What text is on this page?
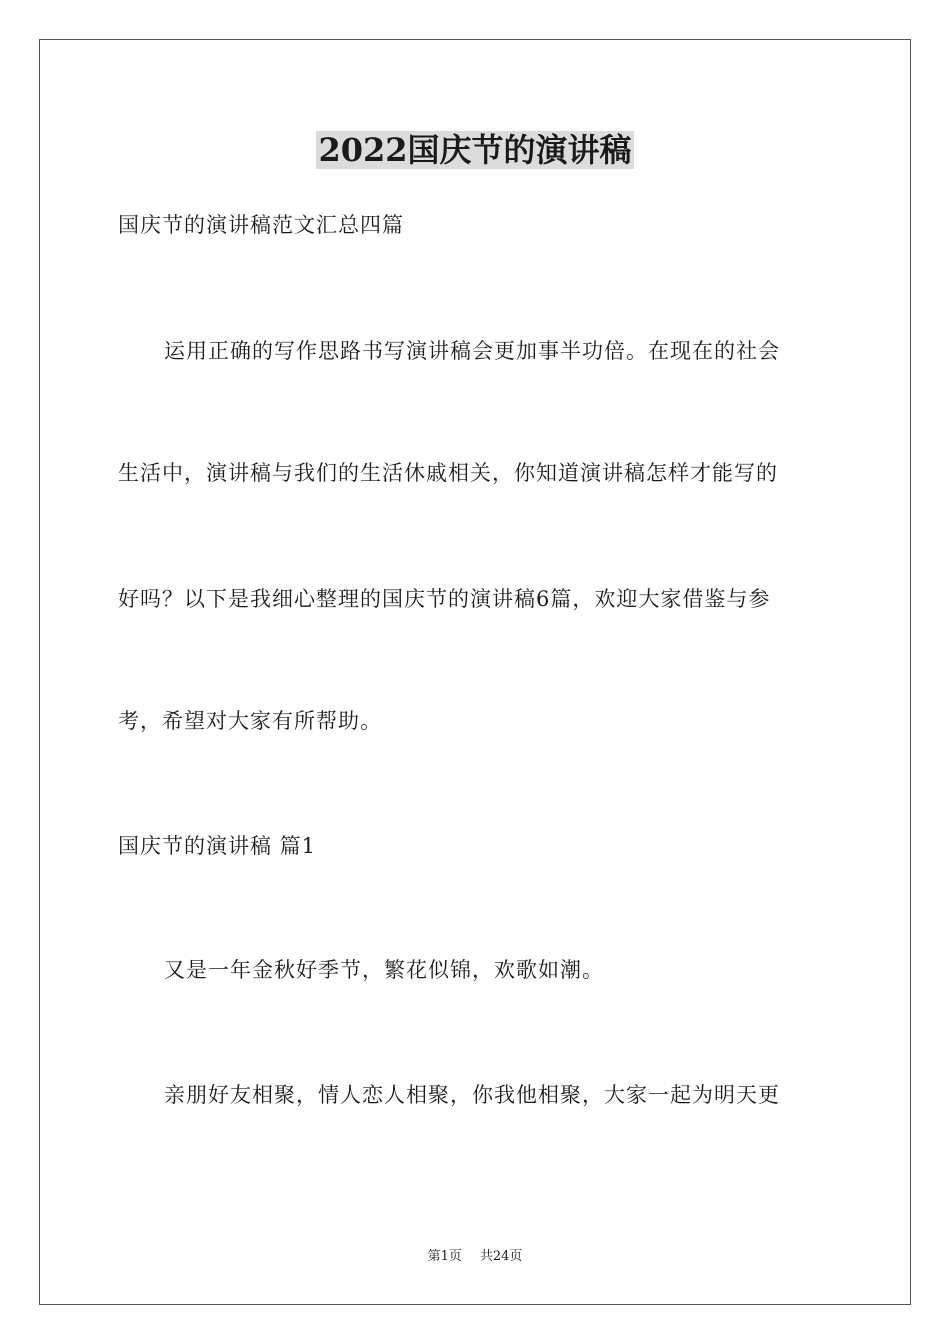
2022国庆节的演讲稿
国庆节的演讲稿范文汇总四篇
运用正确的写作思路书写演讲稿会更加事半功倍。在现在的社会
生活中，演讲稿与我们的生活休戚相关，你知道演讲稿怎样才能写的
好吗？以下是我细心整理的国庆节的演讲稿6篇，欢迎大家借鉴与参
考，希望对大家有所帮助。
国庆节的演讲稿 篇1
又是一年金秋好季节，繁花似锦，欢歌如潮。
亲朋好友相聚，情人恋人相聚，你我他相聚，大家一起为明天更
第1页 共24页
